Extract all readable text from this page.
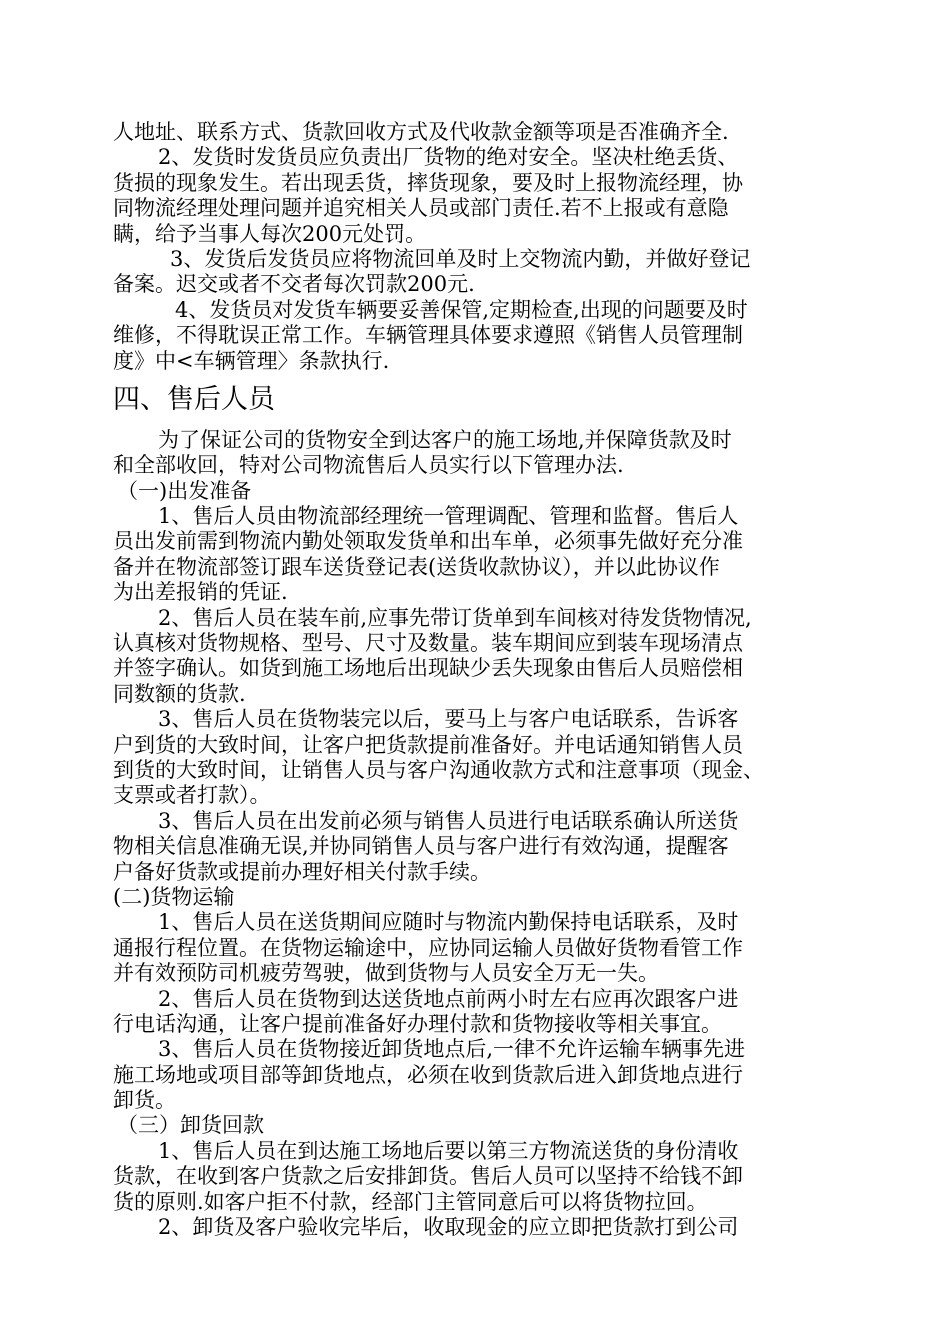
人地址、联系方式、货款回收方式及代收款金额等项是否准确齐全.
2、发货时发货员应负责出厂货物的绝对安全。坚决杜绝丢货、
货损的现象发生。若出现丢货，摔货现象，要及时上报物流经理，协
同物流经理处理问题并追究相关人员或部门责任.若不上报或有意隐
瞒，给予当事人每次200元处罚。
3、发货后发货员应将物流回单及时上交物流内勤，并做好登记
备案。迟交或者不交者每次罚款200元.
4、发货员对发货车辆要妥善保管,定期检查,出现的问题要及时
维修，不得耽误正常工作。车辆管理具体要求遵照《销售人员管理制
度》中<车辆管理〉条款执行.
四、售后人员
为了保证公司的货物安全到达客户的施工场地,并保障货款及时
和全部收回，特对公司物流售后人员实行以下管理办法.
（一)出发准备
1、售后人员由物流部经理统一管理调配、管理和监督。售后人
员出发前需到物流内勤处领取发货单和出车单，必须事先做好充分准
备并在物流部签订跟车送货登记表(送货收款协议），并以此协议作
为出差报销的凭证.
2、售后人员在装车前,应事先带订货单到车间核对待发货物情况,
认真核对货物规格、型号、尺寸及数量。装车期间应到装车现场清点
并签字确认。如货到施工场地后出现缺少丢失现象由售后人员赔偿相
同数额的货款.
3、售后人员在货物装完以后，要马上与客户电话联系，告诉客
户到货的大致时间，让客户把货款提前准备好。并电话通知销售人员
到货的大致时间，让销售人员与客户沟通收款方式和注意事项（现金、
支票或者打款）。
3、售后人员在出发前必须与销售人员进行电话联系确认所送货
物相关信息准确无误,并协同销售人员与客户进行有效沟通，提醒客
户备好货款或提前办理好相关付款手续。
(二)货物运输
1、售后人员在送货期间应随时与物流内勤保持电话联系，及时
通报行程位置。在货物运输途中，应协同运输人员做好货物看管工作
并有效预防司机疲劳驾驶，做到货物与人员安全万无一失。
2、售后人员在货物到达送货地点前两小时左右应再次跟客户进
行电话沟通，让客户提前准备好办理付款和货物接收等相关事宜。
3、售后人员在货物接近卸货地点后,一律不允许运输车辆事先进
施工场地或项目部等卸货地点，必须在收到货款后进入卸货地点进行
卸货。
（三）卸货回款
1、售后人员在到达施工场地后要以第三方物流送货的身份清收
货款，在收到客户货款之后安排卸货。售后人员可以坚持不给钱不卸
货的原则.如客户拒不付款，经部门主管同意后可以将货物拉回。
2、卸货及客户验收完毕后，收取现金的应立即把货款打到公司
